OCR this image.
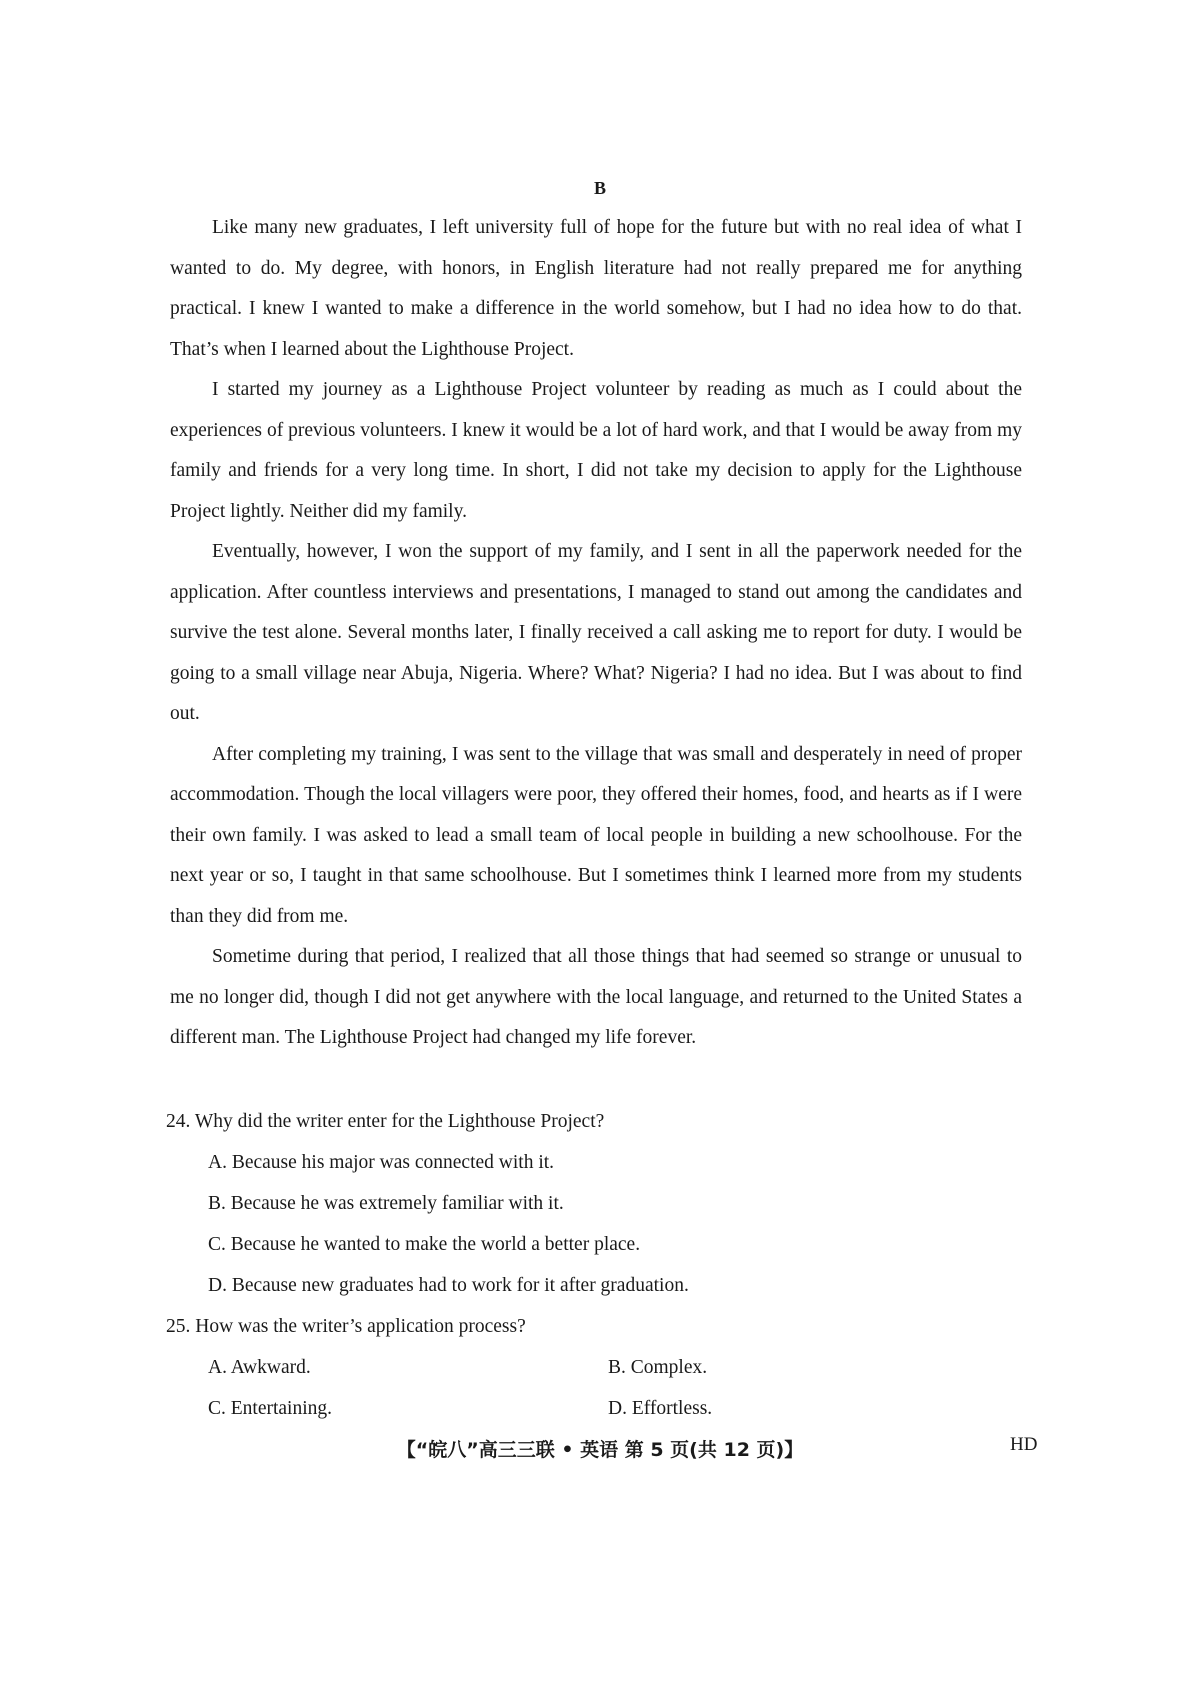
B

Like many new graduates, I left university full of hope for the future but with no real idea of what I wanted to do. My degree, with honors, in English literature had not really prepared me for anything practical. I knew I wanted to make a difference in the world somehow, but I had no idea how to do that. That’s when I learned about the Lighthouse Project.

I started my journey as a Lighthouse Project volunteer by reading as much as I could about the experiences of previous volunteers. I knew it would be a lot of hard work, and that I would be away from my family and friends for a very long time. In short, I did not take my decision to apply for the Lighthouse Project lightly. Neither did my family.

Eventually, however, I won the support of my family, and I sent in all the paperwork needed for the application. After countless interviews and presentations, I managed to stand out among the candidates and survive the test alone. Several months later, I finally received a call asking me to report for duty. I would be going to a small village near Abuja, Nigeria. Where? What? Nigeria? I had no idea. But I was about to find out.

After completing my training, I was sent to the village that was small and desperately in need of proper accommodation. Though the local villagers were poor, they offered their homes, food, and hearts as if I were their own family. I was asked to lead a small team of local people in building a new schoolhouse. For the next year or so, I taught in that same schoolhouse. But I sometimes think I learned more from my students than they did from me.

Sometime during that period, I realized that all those things that had seemed so strange or unusual to me no longer did, though I did not get anywhere with the local language, and returned to the United States a different man. The Lighthouse Project had changed my life forever.

24. Why did the writer enter for the Lighthouse Project?
A. Because his major was connected with it.
B. Because he was extremely familiar with it.
C. Because he wanted to make the world a better place.
D. Because new graduates had to work for it after graduation.
25. How was the writer’s application process?
A. Awkward.	B. Complex.
C. Entertaining.	D. Effortless.
【“皖八”高三三联 • 英语 第 5 页(共 12 页)】	HD
